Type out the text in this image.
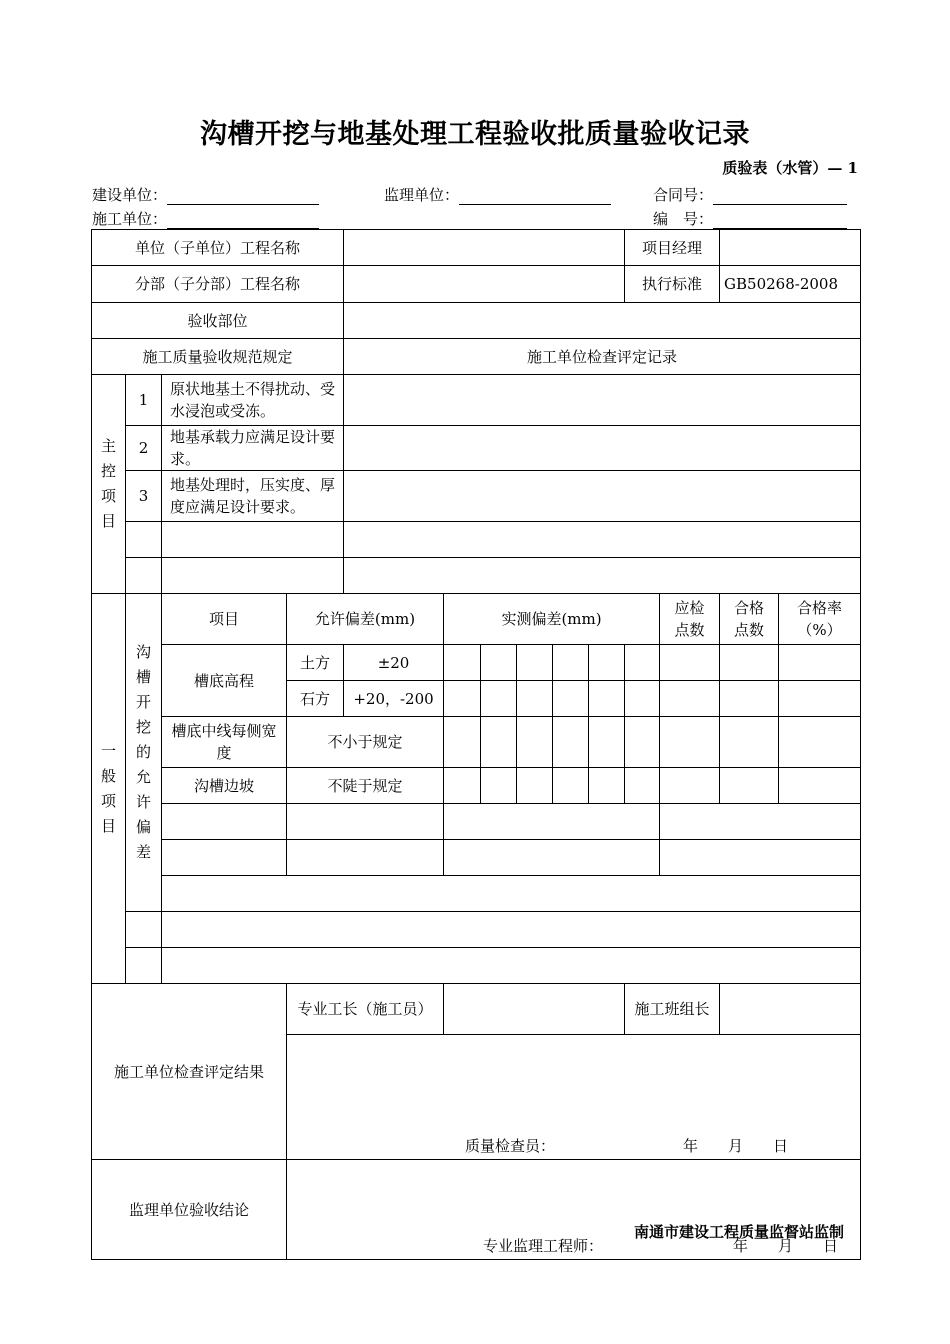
沟槽开挖与地基处理工程验收批质量验收记录
质验表（水管）— 1
建设单位：	监理单位：	合同号：
施工单位：	编　号：
单位（子单位）工程名称										项目经理			
分部（子分部）工程名称										执行标准		GB50268-2008	
验收部位													
施工质量验收规范规定				施工单位检查评定记录									
主控项目	1	原状地基土不得扰动、受水浸泡或受冻。											
	2	地基承载力应满足设计要求。											
	3	地基处理时，压实度、厚度应满足设计要求。											

一般项目	沟槽开挖的允许偏差	项目	允许偏差(mm)		实测偏差(mm)						应检点数	合格点数	合格率（%）
		槽底高程	土方	±20									
			石方	+20，-200									
		槽底中线每侧宽度	不小于规定										
		沟槽边坡	不陡于规定										

施工单位检查评定结果			专业工长（施工员）							施工班组长			

			质量检查员： 年　　月　　日										

监理单位验收结论			专业监理工程师： 年　　月　　日										
南通市建设工程质量监督站监制
